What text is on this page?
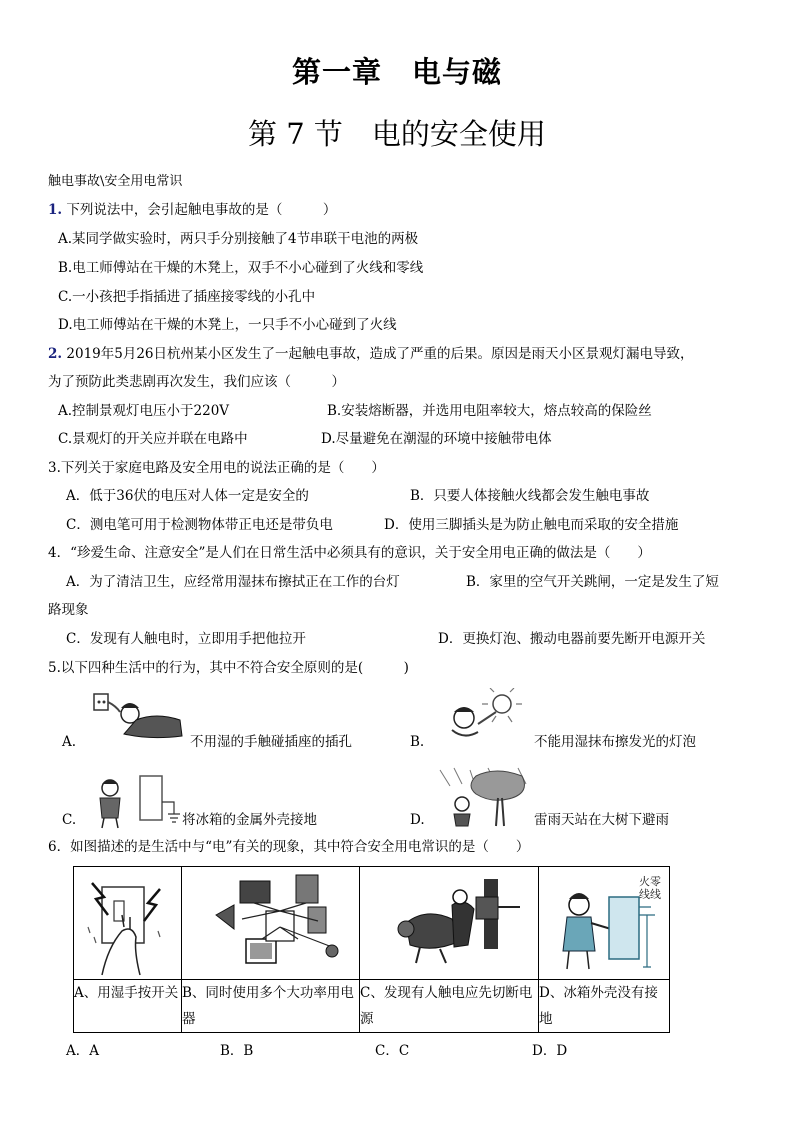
第一章　电与磁
第 7 节　电的安全使用
触电事故\安全用电常识
1. 下列说法中，会引起触电事故的是（　　　）
A.某同学做实验时，两只手分别接触了4节串联干电池的两极
B.电工师傅站在干燥的木凳上，双手不小心碰到了火线和零线
C.一小孩把手指插进了插座接零线的小孔中
D.电工师傅站在干燥的木凳上，一只手不小心碰到了火线
2. 2019年5月26日杭州某小区发生了一起触电事故，造成了严重的后果。原因是雨天小区景观灯漏电导致，
为了预防此类悲剧再次发生，我们应该（　　　）
A.控制景观灯电压小于220V	B.安装熔断器，并选用电阻率较大，熔点较高的保险丝
C.景观灯的开关应并联在电路中	D.尽量避免在潮湿的环境中接触带电体
3.下列关于家庭电路及安全用电的说法正确的是（　　）
A．低于36伏的电压对人体一定是安全的	B．只要人体接触火线都会发生触电事故
C．测电笔可用于检测物体带正电还是带负电	D．使用三脚插头是为防止触电而采取的安全措施
4．“珍爱生命、注意安全”是人们在日常生活中必须具有的意识，关于安全用电正确的做法是（　　）
A．为了清洁卫生，应经常用湿抹布擦拭正在工作的台灯	B．家里的空气开关跳闸，一定是发生了短
路现象
C．发现有人触电时，立即用手把他拉开	D．更换灯泡、搬动电器前要先断开电源开关
5.以下四种生活中的行为，其中不符合安全原则的是(　　　)
A.	不用湿的手触碰插座的插孔	B.	不能用湿抹布擦发光的灯泡
C.	将冰箱的金属外壳接地	D.	雷雨天站在大树下避雨
6．如图描述的是生活中与“电”有关的现象，其中符合安全用电常识的是（　　）

火零
线线

A、用湿手按开关	B、同时使用多个大功率用电器	C、发现有人触电应先切断电源	D、冰箱外壳没有接地
A．A	B．B	C．C	D．D
